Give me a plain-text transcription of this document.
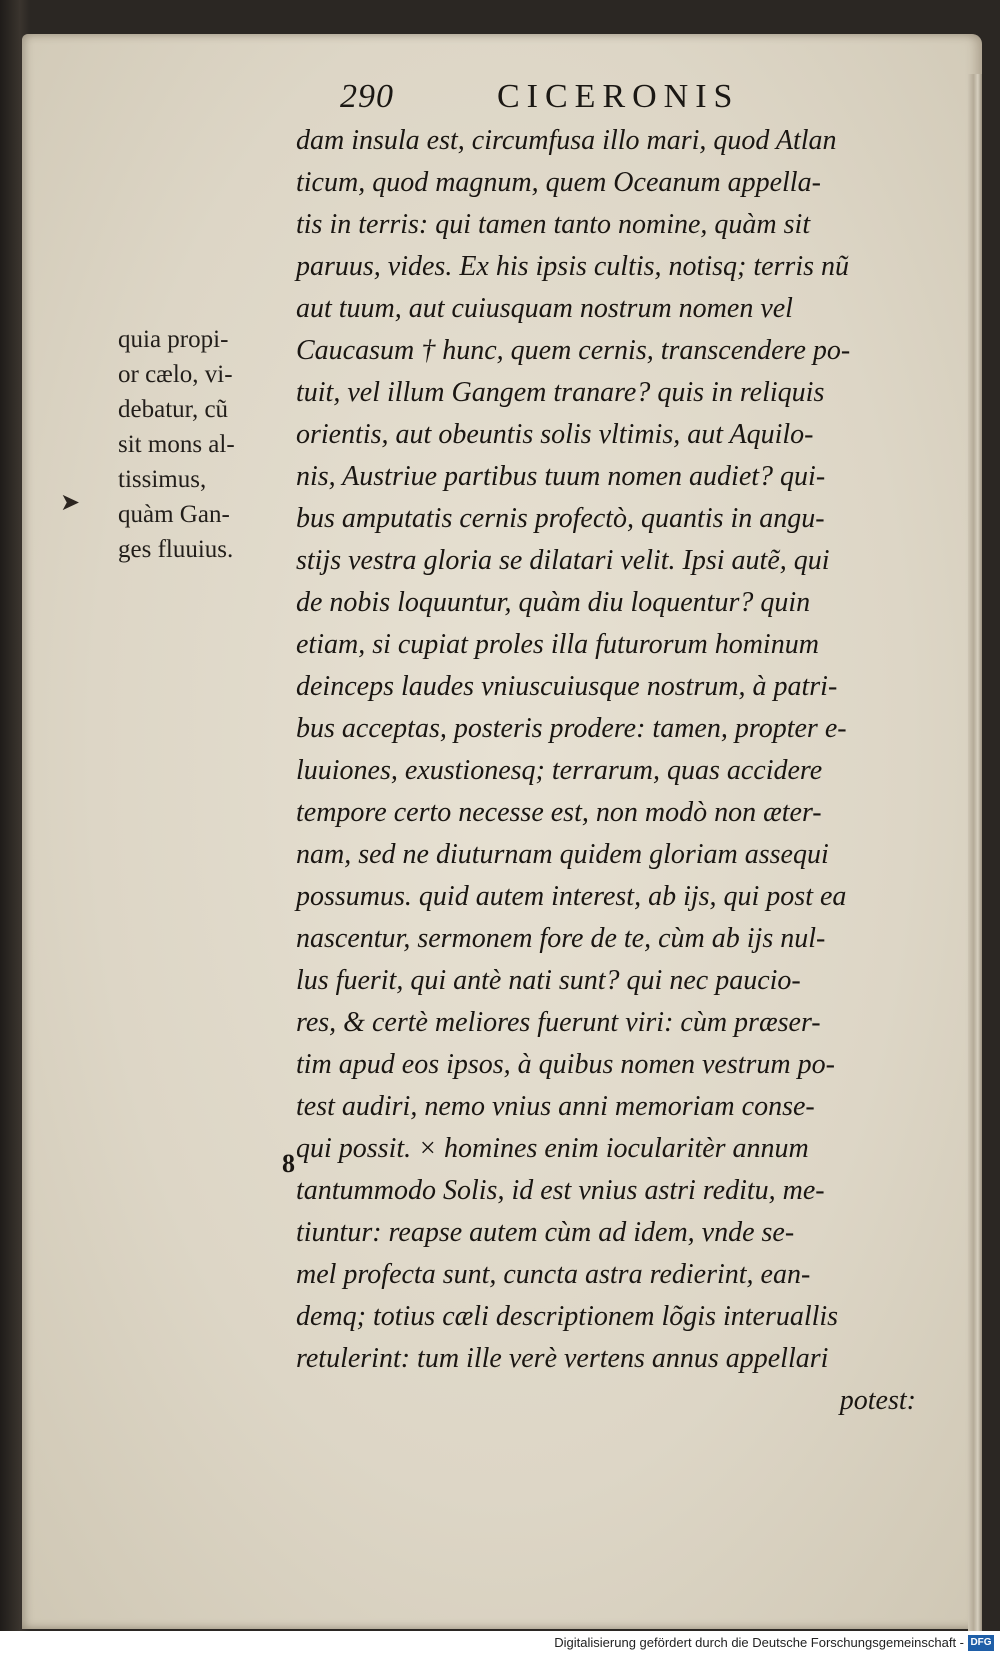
290	CICERONIS
➤
quia propi-
or cælo, vi-
debatur, cũ
sit mons al-
tissimus,
quàm Gan-
ges fluuius.
8
dam insula est, circumfusa illo mari, quod Atlan
ticum, quod magnum, quem Oceanum appella-
tis in terris: qui tamen tanto nomine, quàm sit
paruus, vides. Ex his ipsis cultis, notisq; terris nũ
aut tuum, aut cuiusquam nostrum nomen vel
Caucasum † hunc, quem cernis, transcendere po-
tuit, vel illum Gangem tranare? quis in reliquis
orientis, aut obeuntis solis vltimis, aut Aquilo-
nis, Austriue partibus tuum nomen audiet? qui-
bus amputatis cernis profectò, quantis in angu-
stijs vestra gloria se dilatari velit. Ipsi autẽ, qui
de nobis loquuntur, quàm diu loquentur? quin
etiam, si cupiat proles illa futurorum hominum
deinceps laudes vniuscuiusque nostrum, à patri-
bus acceptas, posteris prodere: tamen, propter e-
luuiones, exustionesq; terrarum, quas accidere
tempore certo necesse est, non modò non æter-
nam, sed ne diuturnam quidem gloriam assequi
possumus. quid autem interest, ab ijs, qui post ea
nascentur, sermonem fore de te, cùm ab ijs nul-
lus fuerit, qui antè nati sunt? qui nec paucio-
res, & certè meliores fuerunt viri: cùm præser-
tim apud eos ipsos, à quibus nomen vestrum po-
test audiri, nemo vnius anni memoriam conse-
qui possit. × homines enim iocularitèr annum
tantummodo Solis, id est vnius astri reditu, me-
tiuntur: reapse autem cùm ad idem, vnde se-
mel profecta sunt, cuncta astra redierint, ean-
demq; totius cæli descriptionem lõgis interuallis
retulerint: tum ille verè vertens annus appellari
potest:
Digitalisierung gefördert durch die Deutsche Forschungsgemeinschaft - DFG
